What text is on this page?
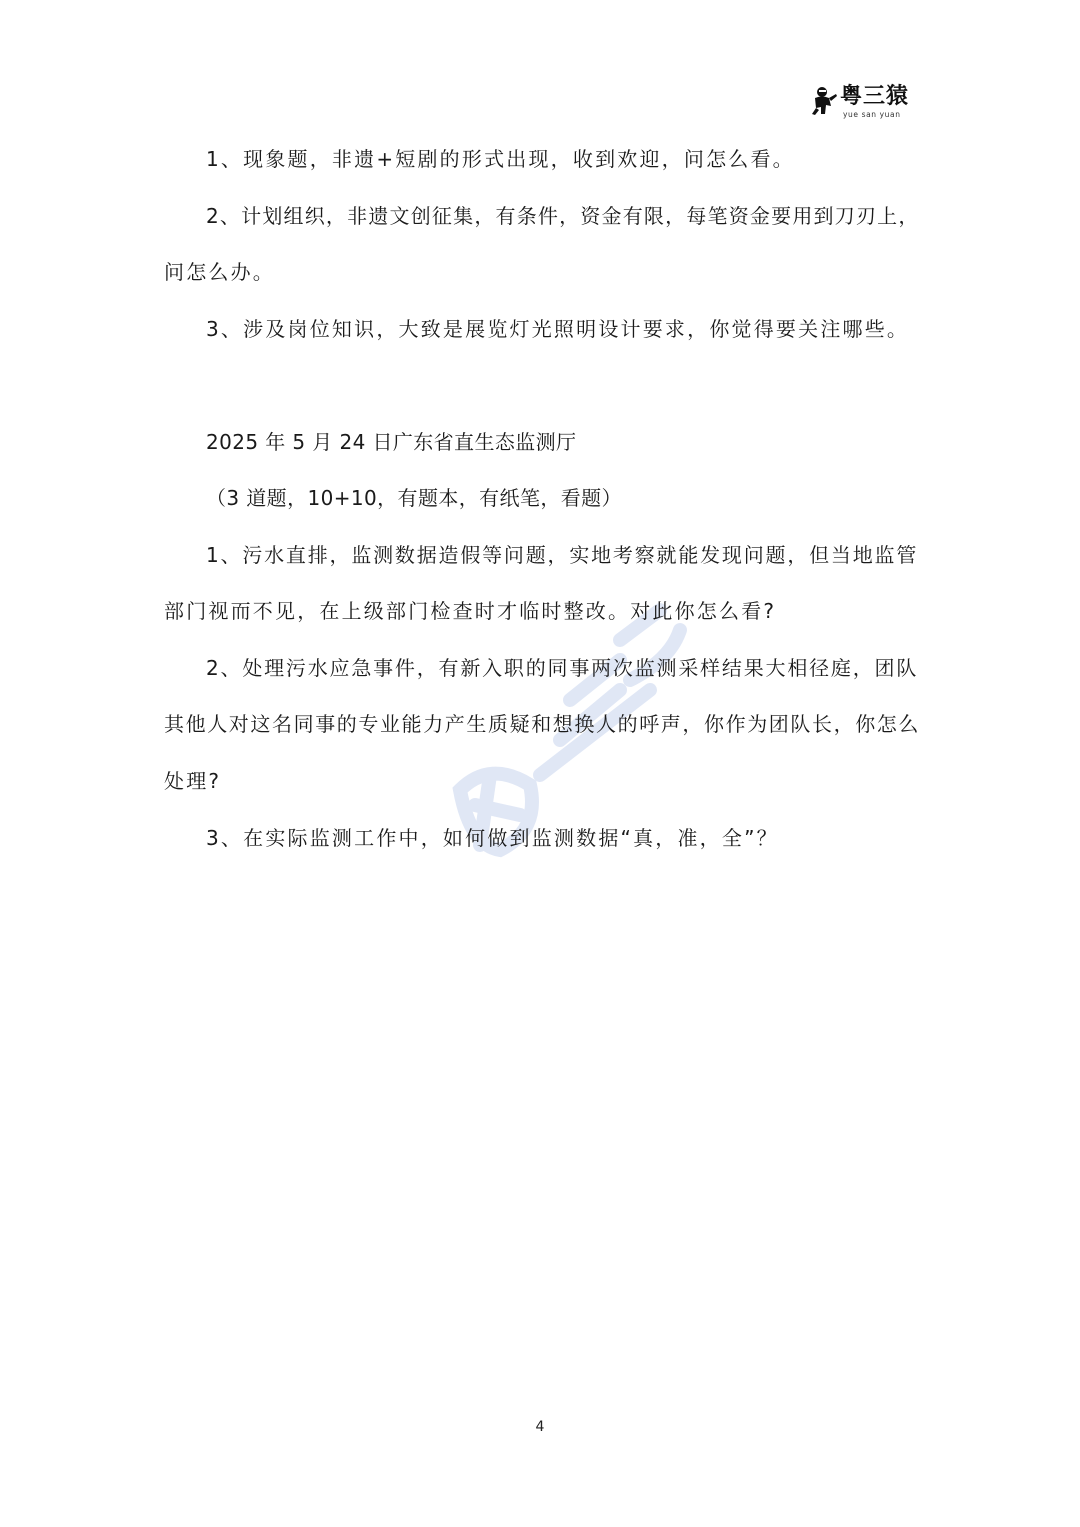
粤三猿
yue san yuan
1、现象题，非遗+短剧的形式出现，收到欢迎，问怎么看。
2、计划组织，非遗文创征集，有条件，资金有限，每笔资金要用到刀刃上，
问怎么办。
3、涉及岗位知识，大致是展览灯光照明设计要求，你觉得要关注哪些。
2025 年 5 月 24 日广东省直生态监测厅
（3 道题，10+10，有题本，有纸笔，看题）
1、污水直排，监测数据造假等问题，实地考察就能发现问题，但当地监管
部门视而不见，在上级部门检查时才临时整改。对此你怎么看?
2、处理污水应急事件，有新入职的同事两次监测采样结果大相径庭，团队
其他人对这名同事的专业能力产生质疑和想换人的呼声，你作为团队长，你怎么
处理?
3、在实际监测工作中，如何做到监测数据“真，准，全”？
4
